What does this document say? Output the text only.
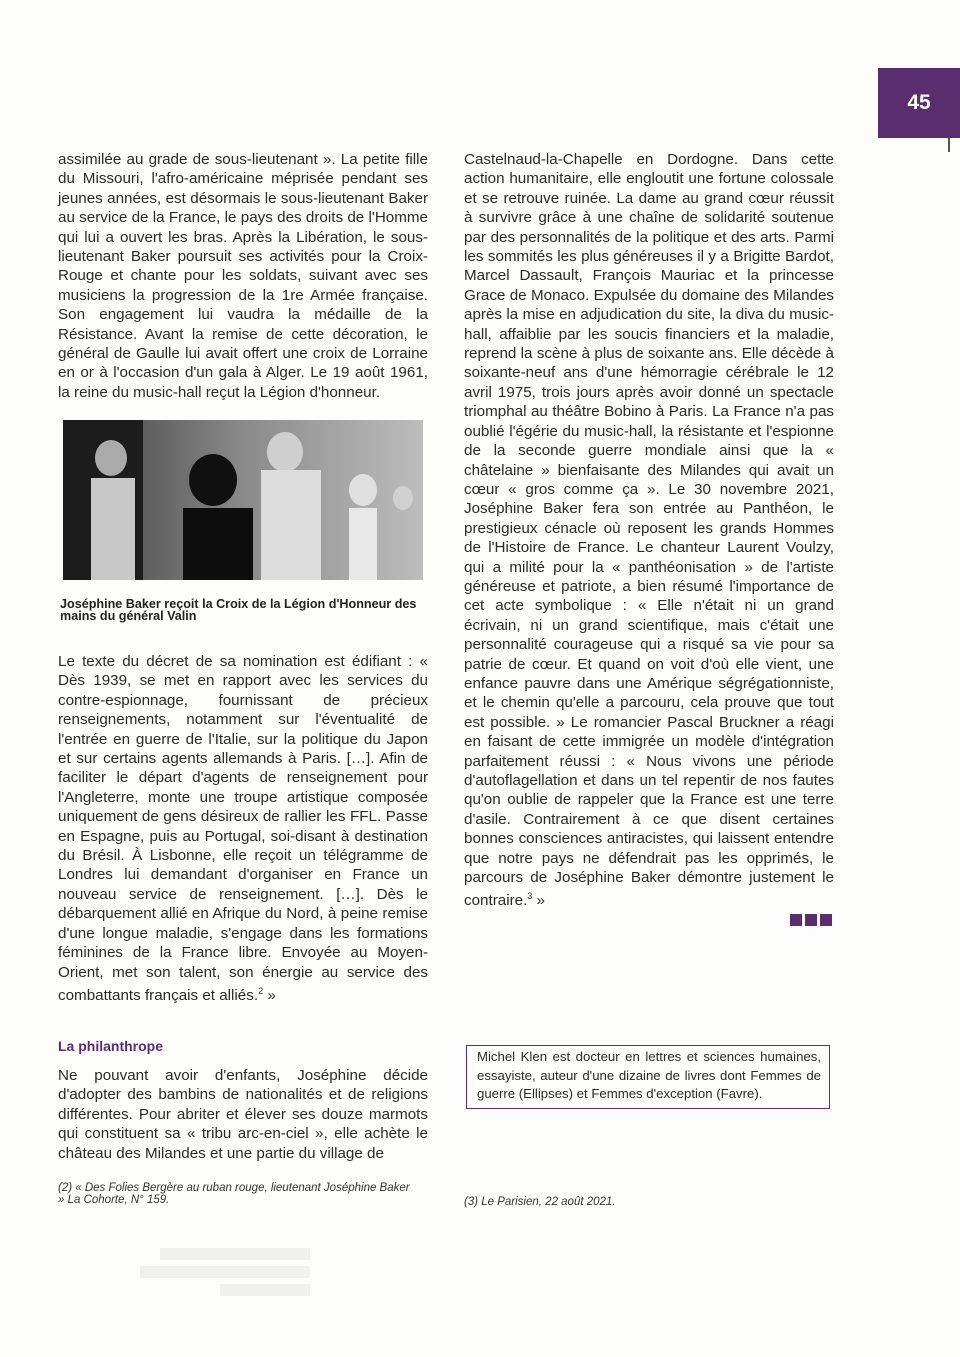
45

assimilée au grade de sous-lieutenant ». La petite fille du Missouri, l'afro-américaine méprisée pendant ses jeunes années, est désormais le sous-lieutenant Baker au service de la France, le pays des droits de l'Homme qui lui a ouvert les bras. Après la Libération, le sous-lieutenant Baker poursuit ses activités pour la Croix-Rouge et chante pour les soldats, suivant avec ses musiciens la progression de la 1re Armée française. Son engagement lui vaudra la médaille de la Résistance. Avant la remise de cette décoration, le général de Gaulle lui avait offert une croix de Lorraine en or à l'occasion d'un gala à Alger. Le 19 août 1961, la reine du music-hall reçut la Légion d'honneur.

Joséphine Baker reçoit la Croix de la Légion d'Honneur des mains du général Valin

Le texte du décret de sa nomination est édifiant : « Dès 1939, se met en rapport avec les services du contre-espionnage, fournissant de précieux renseignements, notamment sur l'éventualité de l'entrée en guerre de l'Italie, sur la politique du Japon et sur certains agents allemands à Paris. […]. Afin de faciliter le départ d'agents de renseignement pour l'Angleterre, monte une troupe artistique composée uniquement de gens désireux de rallier les FFL. Passe en Espagne, puis au Portugal, soi-disant à destination du Brésil. À Lisbonne, elle reçoit un télégramme de Londres lui demandant d'organiser en France un nouveau service de renseignement. […]. Dès le débarquement allié en Afrique du Nord, à peine remise d'une longue maladie, s'engage dans les formations féminines de la France libre. Envoyée au Moyen-Orient, met son talent, son énergie au service des combattants français et alliés.$^2$ »

La philanthrope

Ne pouvant avoir d'enfants, Joséphine décide d'adopter des bambins de nationalités et de religions différentes. Pour abriter et élever ses douze marmots qui constituent sa « tribu arc-en-ciel », elle achète le château des Milandes et une partie du village de

Castelnaud-la-Chapelle en Dordogne. Dans cette action humanitaire, elle engloutit une fortune colossale et se retrouve ruinée. La dame au grand cœur réussit à survivre grâce à une chaîne de solidarité soutenue par des personnalités de la politique et des arts. Parmi les sommités les plus généreuses il y a Brigitte Bardot, Marcel Dassault, François Mauriac et la princesse Grace de Monaco. Expulsée du domaine des Milandes après la mise en adjudication du site, la diva du music-hall, affaiblie par les soucis financiers et la maladie, reprend la scène à plus de soixante ans. Elle décède à soixante-neuf ans d'une hémorragie cérébrale le 12 avril 1975, trois jours après avoir donné un spectacle triomphal au théâtre Bobino à Paris. La France n'a pas oublié l'égérie du music-hall, la résistante et l'espionne de la seconde guerre mondiale ainsi que la « châtelaine » bienfaisante des Milandes qui avait un cœur « gros comme ça ». Le 30 novembre 2021, Joséphine Baker fera son entrée au Panthéon, le prestigieux cénacle où reposent les grands Hommes de l'Histoire de France. Le chanteur Laurent Voulzy, qui a milité pour la « panthéonisation » de l'artiste généreuse et patriote, a bien résumé l'importance de cet acte symbolique : « Elle n'était ni un grand écrivain, ni un grand scientifique, mais c'était une personnalité courageuse qui a risqué sa vie pour sa patrie de cœur. Et quand on voit d'où elle vient, une enfance pauvre dans une Amérique ségrégationniste, et le chemin qu'elle a parcouru, cela prouve que tout est possible. » Le romancier Pascal Bruckner a réagi en faisant de cette immigrée un modèle d'intégration parfaitement réussi : « Nous vivons une période d'autoflagellation et dans un tel repentir de nos fautes qu'on oublie de rappeler que la France est une terre d'asile. Contrairement à ce que disent certaines bonnes consciences antiracistes, qui laissent entendre que notre pays ne défendrait pas les opprimés, le parcours de Joséphine Baker démontre justement le contraire.$^3$ »

Michel Klen est docteur en lettres et sciences humaines, essayiste, auteur d'une dizaine de livres dont Femmes de guerre (Ellipses) et Femmes d'exception (Favre).
(2) « Des Folies Bergère au ruban rouge, lieutenant Joséphine Baker » La Cohorte, N° 159.	(3) Le Parisien, 22 août 2021.
